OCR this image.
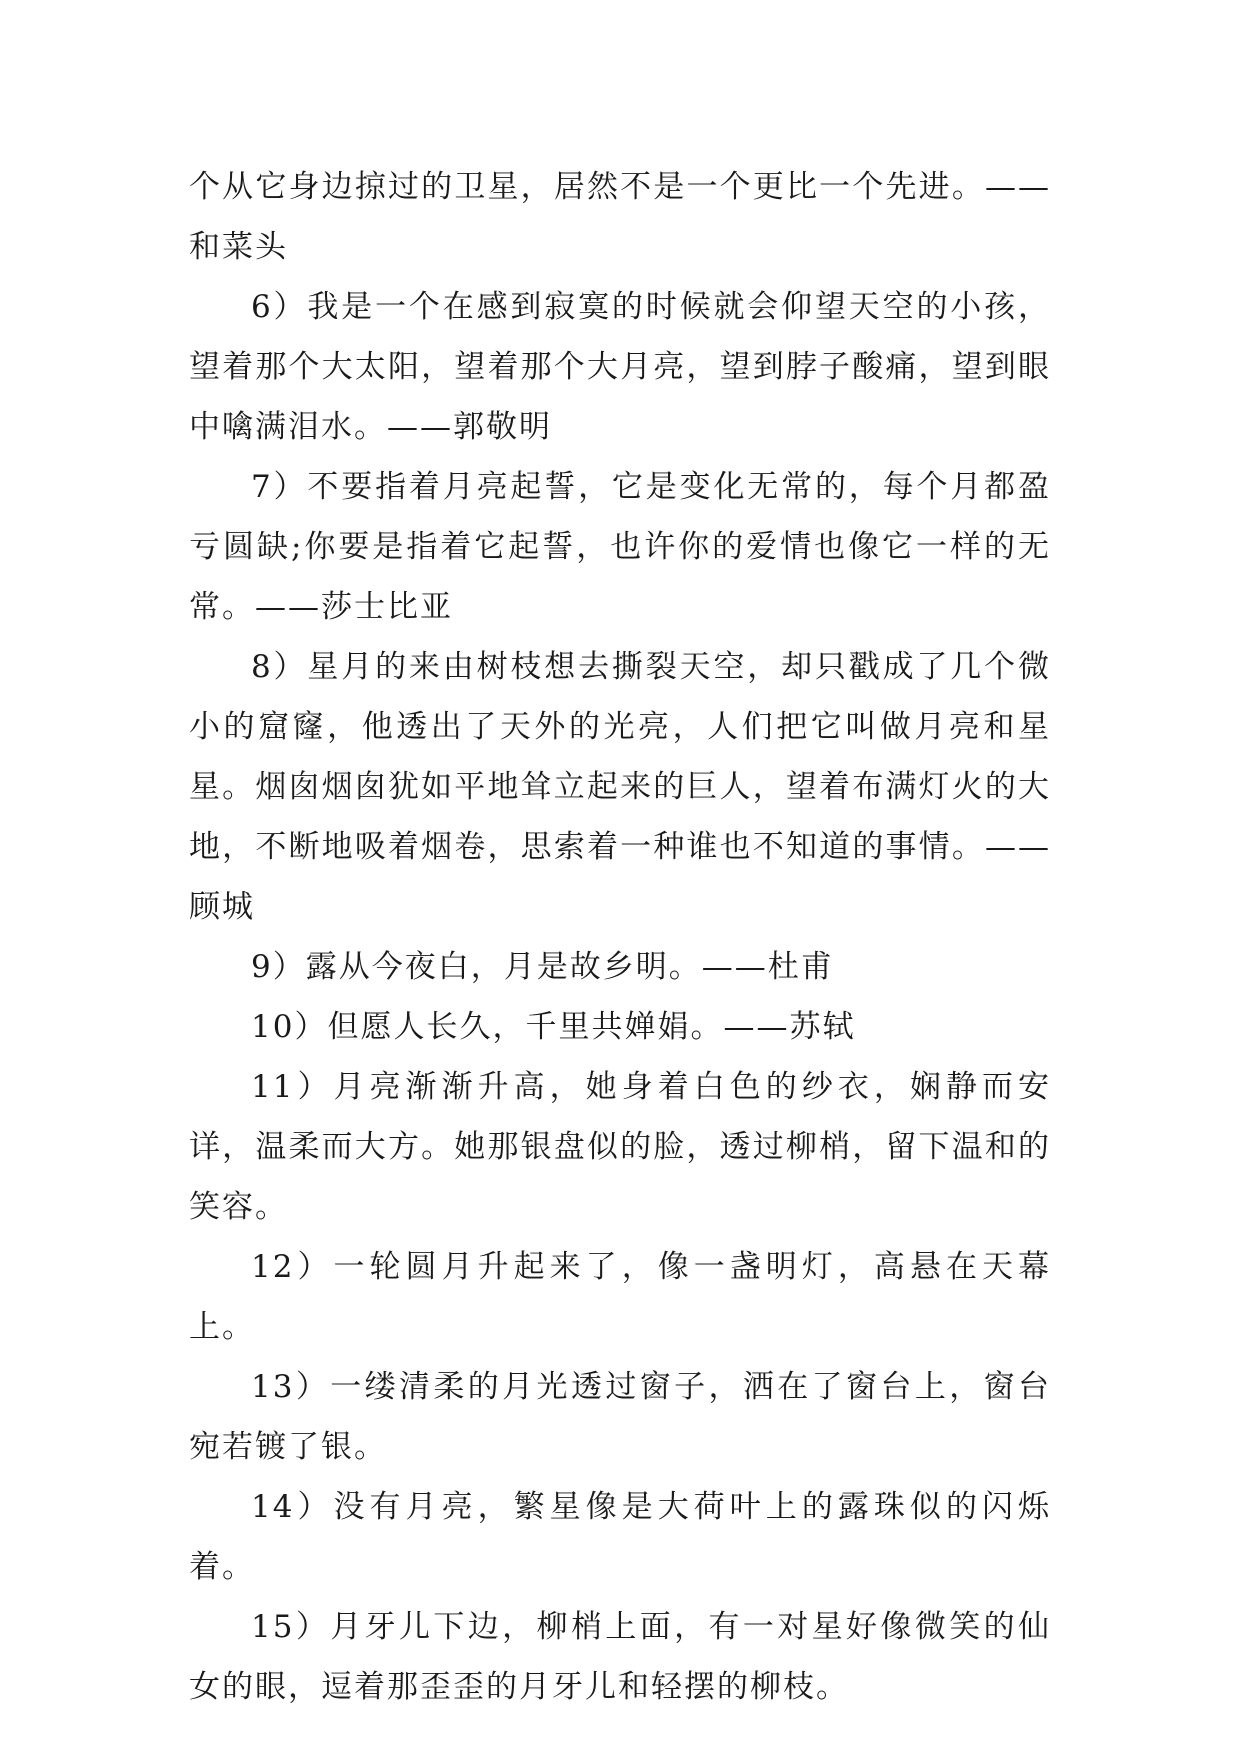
个从它身边掠过的卫星，居然不是一个更比一个先进。——和菜头

6）我是一个在感到寂寞的时候就会仰望天空的小孩，望着那个大太阳，望着那个大月亮，望到脖子酸痛，望到眼中噙满泪水。——郭敬明

7）不要指着月亮起誓，它是变化无常的，每个月都盈亏圆缺;你要是指着它起誓，也许你的爱情也像它一样的无常。——莎士比亚

8）星月的来由树枝想去撕裂天空，却只戳成了几个微小的窟窿，他透出了天外的光亮，人们把它叫做月亮和星星。烟囱烟囱犹如平地耸立起来的巨人，望着布满灯火的大地，不断地吸着烟卷，思索着一种谁也不知道的事情。——顾城

9）露从今夜白，月是故乡明。——杜甫

10）但愿人长久，千里共婵娟。——苏轼

11）月亮渐渐升高，她身着白色的纱衣，娴静而安详，温柔而大方。她那银盘似的脸，透过柳梢，留下温和的笑容。

12）一轮圆月升起来了，像一盏明灯，高悬在天幕上。

13）一缕清柔的月光透过窗子，洒在了窗台上，窗台宛若镀了银。

14）没有月亮，繁星像是大荷叶上的露珠似的闪烁着。

15）月牙儿下边，柳梢上面，有一对星好像微笑的仙女的眼，逗着那歪歪的月牙儿和轻摆的柳枝。
